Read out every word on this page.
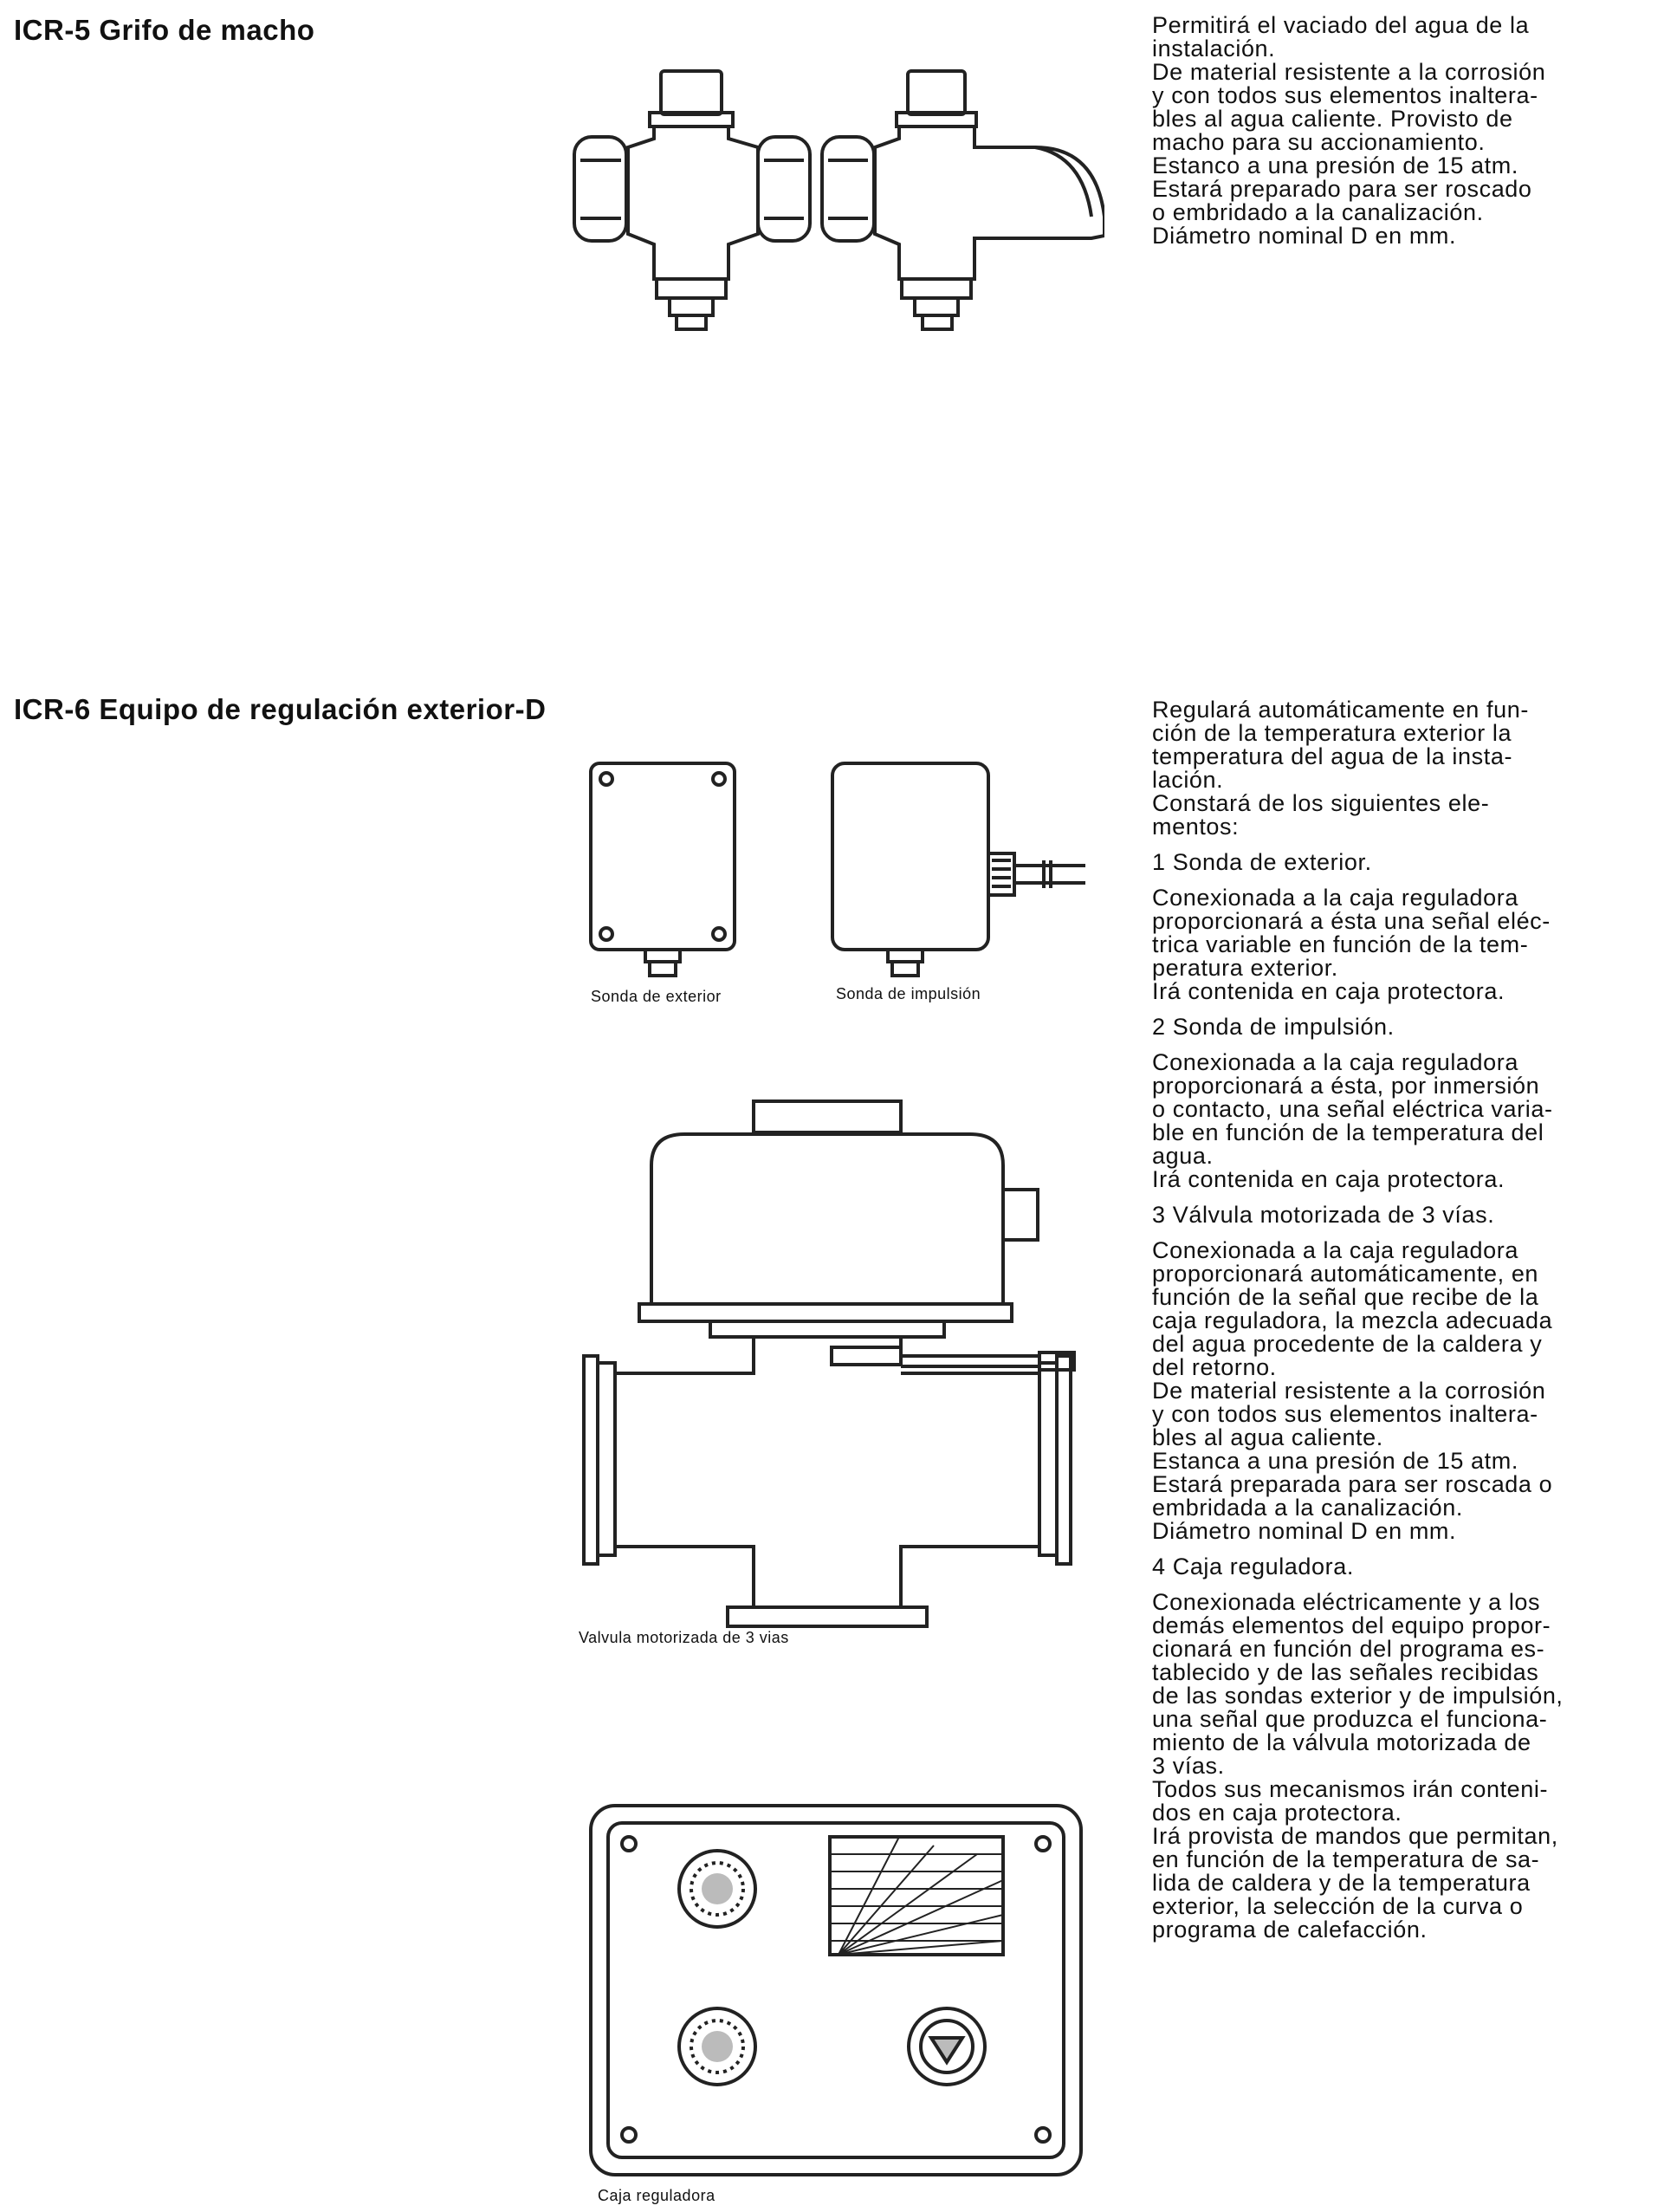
ICR-5 Grifo de macho	Permitirá el vaciado del agua de la

instalación.

De material resistente a la corrosión

y con todos sus elementos inaltera-

bles al agua caliente. Provisto de

macho para su accionamiento.

Estanco a una presión de 15 atm.

Estará preparado para ser roscado

o embridado a la canalización.

Diámetro nominal D en mm.

ICR-6 Equipo de regulación exterior-D
Sonda de exterior	Sonda de impulsión
Valvula motorizada de 3 vias
Caja reguladora

Regulará automáticamente en fun-

ción de la temperatura exterior la

temperatura del agua de la insta-

lación.

Constará de los siguientes ele-

mentos:

1 Sonda de exterior.

Conexionada a la caja reguladora

proporcionará a ésta una señal eléc-

trica variable en función de la tem-

peratura exterior.

Irá contenida en caja protectora.

2 Sonda de impulsión.

Conexionada a la caja reguladora

proporcionará a ésta, por inmersión

o contacto, una señal eléctrica varia-

ble en función de la temperatura del

agua.

Irá contenida en caja protectora.

3 Válvula motorizada de 3 vías.

Conexionada a la caja reguladora

proporcionará automáticamente, en

función de la señal que recibe de la

caja reguladora, la mezcla adecuada

del agua procedente de la caldera y

del retorno.

De material resistente a la corrosión

y con todos sus elementos inaltera-

bles al agua caliente.

Estanca a una presión de 15 atm.

Estará preparada para ser roscada o

embridada a la canalización.

Diámetro nominal D en mm.

4 Caja reguladora.

Conexionada eléctricamente y a los

demás elementos del equipo propor-

cionará en función del programa es-

tablecido y de las señales recibidas

de las sondas exterior y de impulsión,

una señal que produzca el funciona-

miento de la válvula motorizada de

3 vías.

Todos sus mecanismos irán conteni-

dos en caja protectora.

Irá provista de mandos que permitan,

en función de la temperatura de sa-

lida de caldera y de la temperatura

exterior, la selección de la curva o

programa de calefacción.
